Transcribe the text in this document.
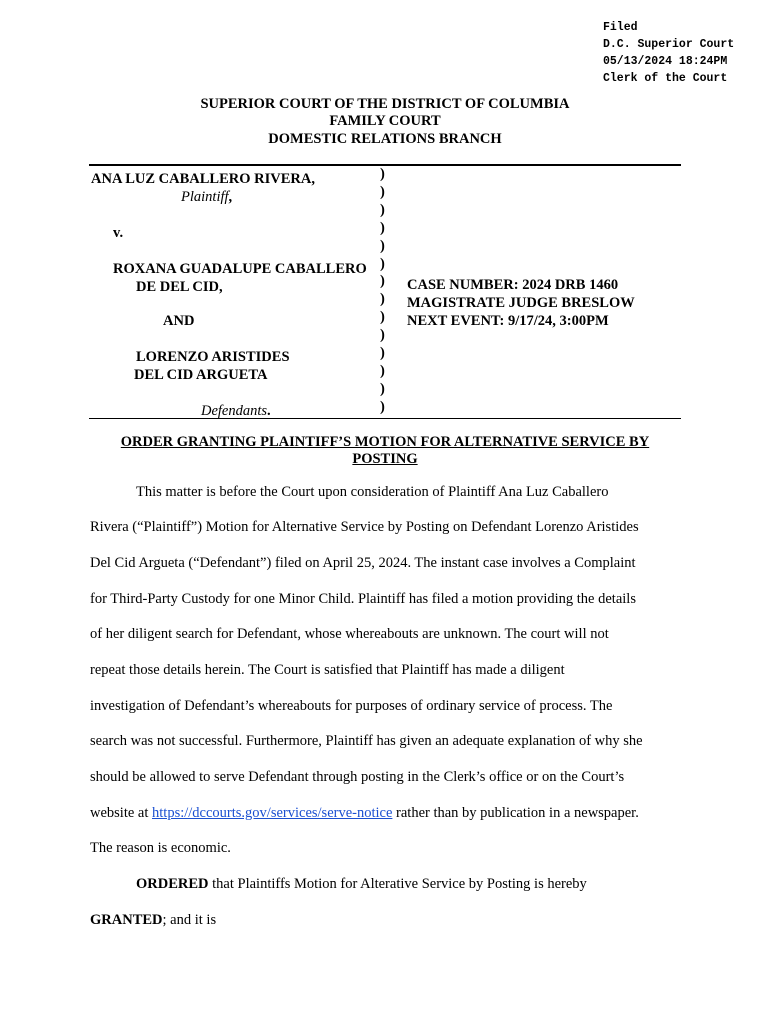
Filed
D.C. Superior Court
05/13/2024 18:24PM
Clerk of the Court
SUPERIOR COURT OF THE DISTRICT OF COLUMBIA
FAMILY COURT
DOMESTIC RELATIONS BRANCH
ANA LUZ CABALLERO RIVERA,
Plaintiff,
v.
ROXANA GUADALUPE CABALLERO
DE DEL CID,
AND
LORENZO ARISTIDES
DEL CID ARGUETA
Defendants.
)
)
)
)
)
)
)
)
)
)
)
)
)
)
CASE NUMBER: 2024 DRB 1460
MAGISTRATE JUDGE BRESLOW
NEXT EVENT: 9/17/24, 3:00PM
ORDER GRANTING PLAINTIFF’S MOTION FOR ALTERNATIVE SERVICE BY
POSTING
This matter is before the Court upon consideration of Plaintiff Ana Luz Caballero
Rivera (“Plaintiff”) Motion for Alternative Service by Posting on Defendant Lorenzo Aristides
Del Cid Argueta (“Defendant”) filed on April 25, 2024. The instant case involves a Complaint
for Third-Party Custody for one Minor Child. Plaintiff has filed a motion providing the details
of her diligent search for Defendant, whose whereabouts are unknown. The court will not
repeat those details herein. The Court is satisfied that Plaintiff has made a diligent
investigation of Defendant’s whereabouts for purposes of ordinary service of process. The
search was not successful. Furthermore, Plaintiff has given an adequate explanation of why she
should be allowed to serve Defendant through posting in the Clerk’s office or on the Court’s
website at https://dccourts.gov/services/serve-notice rather than by publication in a newspaper.
The reason is economic.
ORDERED that Plaintiffs Motion for Alterative Service by Posting is hereby
GRANTED; and it is
